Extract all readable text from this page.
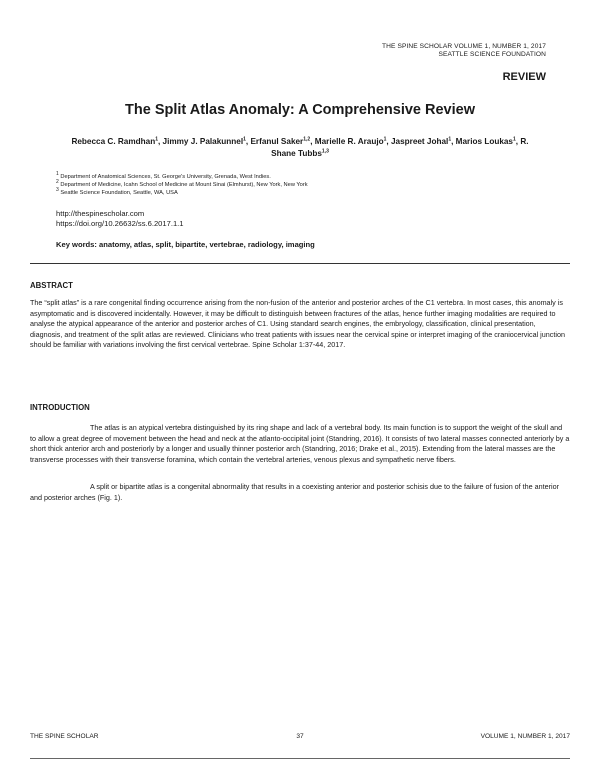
THE SPINE SCHOLAR VOLUME 1, NUMBER 1, 2017
SEATTLE SCIENCE FOUNDATION
REVIEW
The Split Atlas Anomaly: A Comprehensive Review
Rebecca C. Ramdhan$^1$, Jimmy J. Palakunnel$^1$, Erfanul Saker$^{1,2}$, Marielle R. Araujo$^1$, Jaspreet Johal$^1$, Marios Loukas$^1$, R. Shane Tubbs$^{1,3}$
$^1$ Department of Anatomical Sciences, St. George's University, Grenada, West Indies.
$^2$ Department of Medicine, Icahn School of Medicine at Mount Sinai (Elmhurst), New York, New York
$^3$ Seattle Science Foundation, Seattle, WA, USA
http://thespinescholar.com
https://doi.org/10.26632/ss.6.2017.1.1
Key words: anatomy, atlas, split, bipartite, vertebrae, radiology, imaging
ABSTRACT
The “split atlas” is a rare congenital finding occurrence arising from the non-fusion of the anterior and posterior arches of the C1 vertebra. In most cases, this anomaly is asymptomatic and is discovered incidentally. However, it may be difficult to distinguish between fractures of the atlas, hence further imaging modalities are required to analyse the atypical appearance of the anterior and posterior arches of C1. Using standard search engines, the embryology, classification, clinical presentation, diagnosis, and treatment of the split atlas are reviewed. Clinicians who treat patients with issues near the cervical spine or interpret imaging of the craniocervical junction should be familiar with variations involving the first cervical vertebrae. Spine Scholar 1:37-44, 2017.
INTRODUCTION
The atlas is an atypical vertebra distinguished by its ring shape and lack of a vertebral body. Its main function is to support the weight of the skull and to allow a great degree of movement between the head and neck at the atlanto-occipital joint (Standring, 2016). It consists of two lateral masses connected anteriorly by a short thick anterior arch and posteriorly by a longer and usually thinner posterior arch (Standring, 2016; Drake et al., 2015). Extending from the lateral masses are the transverse processes with their transverse foramina, which contain the vertebral arteries, venous plexus and sympathetic nerve fibers.
A split or bipartite atlas is a congenital abnormality that results in a coexisting anterior and posterior schisis due to the failure of fusion of the anterior and posterior arches (Fig. 1).
THE SPINE SCHOLAR	37	VOLUME 1, NUMBER 1, 2017
